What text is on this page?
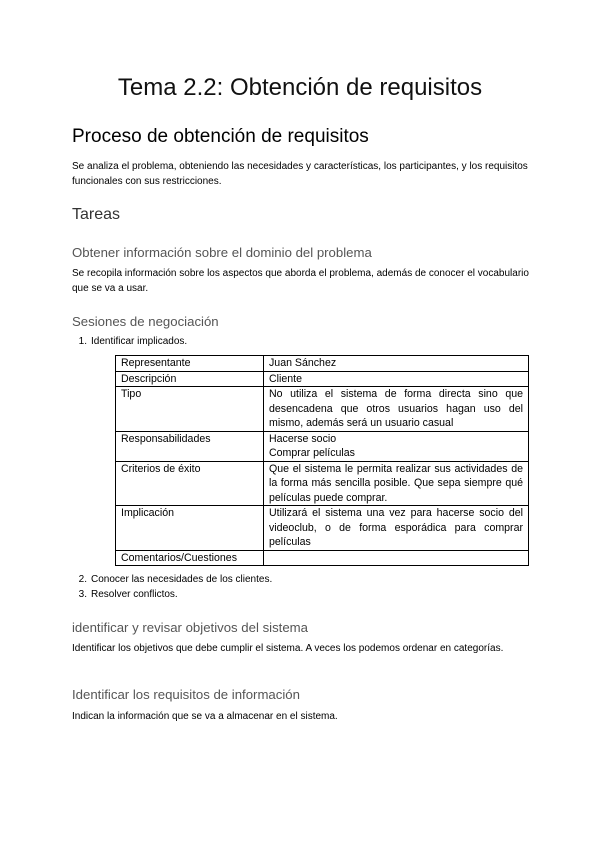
Tema 2.2: Obtención de requisitos
Proceso de obtención de requisitos
Se analiza el problema, obteniendo las necesidades y características, los participantes, y los requisitos funcionales con sus restricciones.
Tareas
Obtener información sobre el dominio del problema
Se recopila información sobre los aspectos que aborda el problema, además de conocer el vocabulario que se va a usar.
Sesiones de negociación
1. Identificar implicados.
Representante	Juan Sánchez

Descripción	Cliente

Tipo	No utiliza el sistema de forma directa sino que desencadena que otros usuarios hagan uso del mismo, además será un usuario casual

Responsabilidades	Hacerse socio
Comprar películas

Criterios de éxito	Que el sistema le permita realizar sus actividades de la forma más sencilla posible. Que sepa siempre qué películas puede comprar.

Implicación	Utilizará el sistema una vez para hacerse socio del videoclub, o de forma esporádica para comprar películas

Comentarios/Cuestiones	

2. Conocer las necesidades de los clientes.
3. Resolver conflictos.
identificar y revisar objetivos del sistema
Identificar los objetivos que debe cumplir el sistema. A veces los podemos ordenar en categorías.
Identificar los requisitos de información
Indican la información que se va a almacenar en el sistema.
